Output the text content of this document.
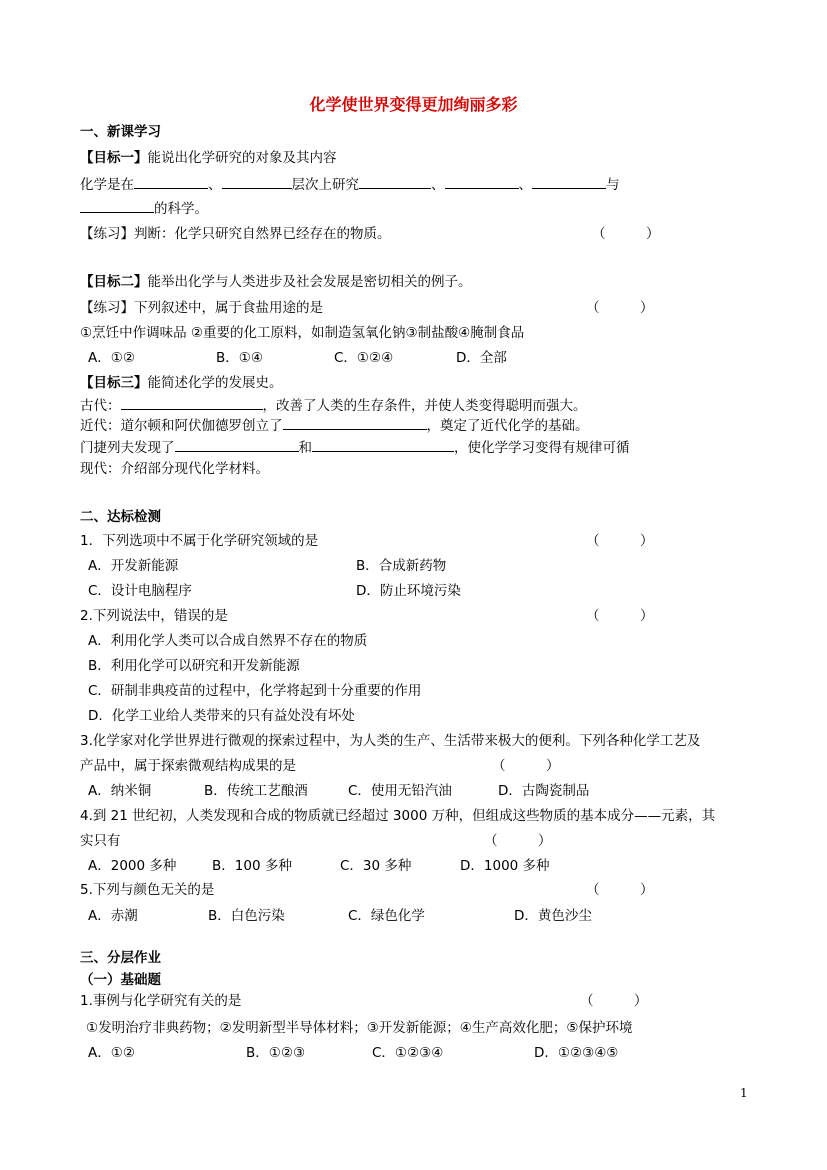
化学使世界变得更加绚丽多彩
一、新课学习
【目标一】能说出化学研究的对象及其内容
化学是在	、	层次上研究	、	、	与
的科学。
【练习】判断：化学只研究自然界已经存在的物质。	（　　　）
【目标二】能举出化学与人类进步及社会发展是密切相关的例子。
【练习】下列叙述中，属于食盐用途的是	（　　　）
①烹饪中作调味品 ②重要的化工原料，如制造氢氧化钠③制盐酸④腌制食品
A．①②	B．①④	C．①②④	D．全部
【目标三】能简述化学的发展史。
古代：	，改善了人类的生存条件，并使人类变得聪明而强大。
近代：道尔顿和阿伏伽德罗创立了	，奠定了近代化学的基础。
门捷列夫发现了	和	，使化学学习变得有规律可循
现代：介绍部分现代化学材料。
二、达标检测
1．下列选项中不属于化学研究领域的是	（　　　）
A．开发新能源	B．合成新药物
C．设计电脑程序	D．防止环境污染
2.下列说法中，错误的是	（　　　）
A．利用化学人类可以合成自然界不存在的物质
B．利用化学可以研究和开发新能源
C．研制非典疫苗的过程中，化学将起到十分重要的作用
D．化学工业给人类带来的只有益处没有坏处
3.化学家对化学世界进行微观的探索过程中，为人类的生产、生活带来极大的便利。下列各种化学工艺及
产品中，属于探索微观结构成果的是	（　　　）
A．纳米铜	B．传统工艺酿酒	C．使用无铅汽油	D．古陶瓷制品
4.到 21 世纪初，人类发现和合成的物质就已经超过 3000 万种，但组成这些物质的基本成分——元素，其
实只有	（　　　）
A．2000 多种	B．100 多种	C．30 多种	D．1000 多种
5.下列与颜色无关的是	（　　　）
A．赤潮	B．白色污染	C．绿色化学	D．黄色沙尘
三、分层作业
（一）基础题
1.事例与化学研究有关的是	（　　　）
①发明治疗非典药物；②发明新型半导体材料；③开发新能源；④生产高效化肥；⑤保护环境
A．①②	B．①②③	C．①②③④	D．①②③④⑤
1
